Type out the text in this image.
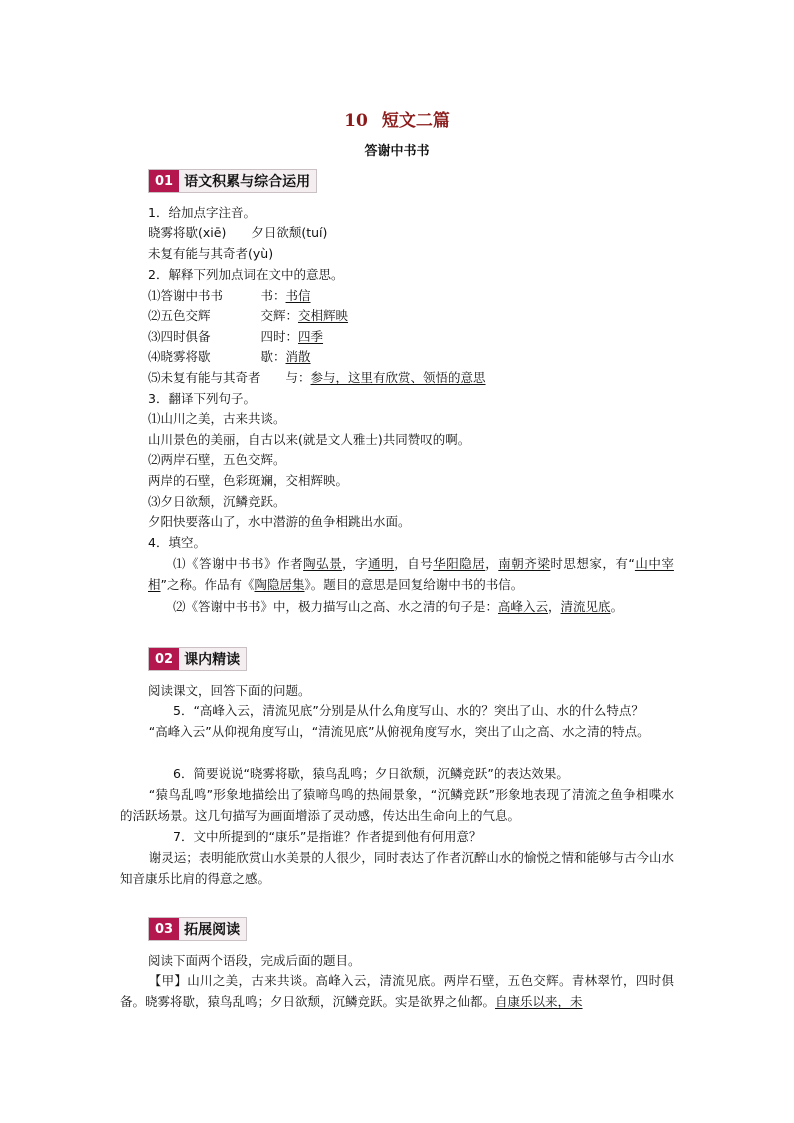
10 短文二篇
答谢中书书
01 语文积累与综合运用
1．给加点字注音。
晓雾将歇(xiē)　　夕日欲颓(tuí)
未复有能与其奇者(yù)
2．解释下列加点词在文中的意思。
⑴答谢中书书　　　书：书信
⑵五色交辉　　　　交辉：交相辉映
⑶四时俱备　　　　四时：四季
⑷晓雾将歇　　　　歇：消散
⑸未复有能与其奇者　　与：参与，这里有欣赏、领悟的意思
3．翻译下列句子。
⑴山川之美，古来共谈。
山川景色的美丽，自古以来(就是文人雅士)共同赞叹的啊。
⑵两岸石壁，五色交辉。
两岸的石壁，色彩斑斓，交相辉映。
⑶夕日欲颓，沉鳞竞跃。
夕阳快要落山了，水中潜游的鱼争相跳出水面。
4．填空。
⑴《答谢中书书》作者陶弘景，字通明，自号华阳隐居，南朝齐梁时思想家，有“山中宰相”之称。作品有《陶隐居集》。题目的意思是回复给谢中书的书信。
⑵《答谢中书书》中，极力描写山之高、水之清的句子是：高峰入云，清流见底。
02 课内精读
阅读课文，回答下面的问题。
5．“高峰入云，清流见底”分别是从什么角度写山、水的？突出了山、水的什么特点？
“高峰入云”从仰视角度写山，“清流见底”从俯视角度写水，突出了山之高、水之清的特点。
6．简要说说“晓雾将歇，猿鸟乱鸣；夕日欲颓，沉鳞竞跃”的表达效果。
“猿鸟乱鸣”形象地描绘出了猿啼鸟鸣的热闹景象，“沉鳞竞跃”形象地表现了清流之鱼争相喋水的活跃场景。这几句描写为画面增添了灵动感，传达出生命向上的气息。
7．文中所提到的“康乐”是指谁？作者提到他有何用意？
谢灵运；表明能欣赏山水美景的人很少，同时表达了作者沉醉山水的愉悦之情和能够与古今山水知音康乐比肩的得意之感。
03 拓展阅读
阅读下面两个语段，完成后面的题目。
【甲】山川之美，古来共谈。高峰入云，清流见底。两岸石壁，五色交辉。青林翠竹，四时俱备。晓雾将歇，猿鸟乱鸣；夕日欲颓，沉鳞竞跃。实是欲界之仙都。自康乐以来，未
